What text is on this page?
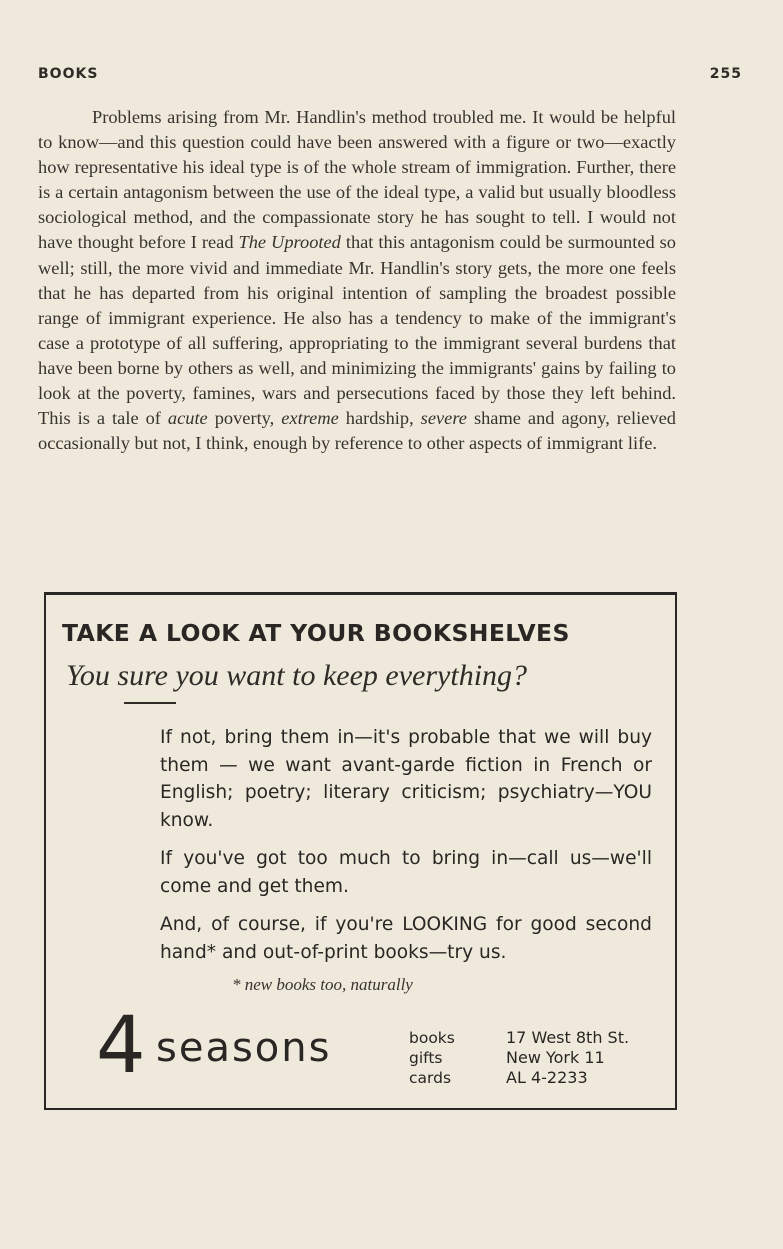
BOOKS	255

Problems arising from Mr. Handlin's method troubled me. It would be helpful to know—and this question could have been answered with a figure or two—exactly how representative his ideal type is of the whole stream of immigration. Further, there is a certain antagonism between the use of the ideal type, a valid but usually bloodless sociological method, and the compassionate story he has sought to tell. I would not have thought before I read The Uprooted that this antagonism could be surmounted so well; still, the more vivid and immediate Mr. Handlin's story gets, the more one feels that he has departed from his original intention of sampling the broadest possible range of immigrant experience. He also has a tendency to make of the immigrant's case a prototype of all suffering, appropriating to the immigrant several burdens that have been borne by others as well, and minimizing the immigrants' gains by failing to look at the poverty, famines, wars and persecutions faced by those they left behind. This is a tale of acute poverty, extreme hardship, severe shame and agony, relieved occasionally but not, I think, enough by reference to other aspects of immigrant life.

TAKE A LOOK AT YOUR BOOKSHELVES
You sure you want to keep everything?

If not, bring them in—it's probable that we will buy them — we want avant-garde fiction in French or English; poetry; literary criticism; psychiatry—YOU know.

If you've got too much to bring in—call us—we'll come and get them.

And, of course, if you're LOOKING for good second hand* and out-of-print books—try us.

* new books too, naturally
4 seasons	books
gifts
cards
17 West 8th St.
New York 11
AL 4-2233
